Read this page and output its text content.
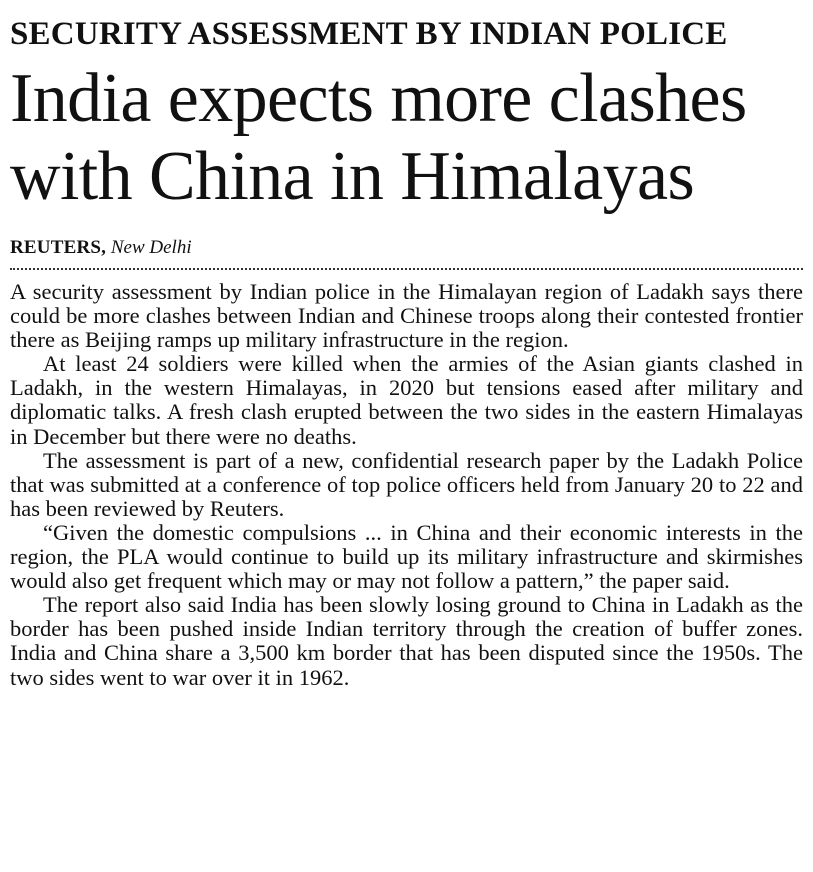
SECURITY ASSESSMENT BY INDIAN POLICE
India expects more clashes
with China in Himalayas
REUTERS, New Delhi

A security assessment by Indian police in the Himalayan region of Ladakh says there could be more clashes between Indian and Chinese troops along their contested frontier there as Beijing ramps up military infrastructure in the region.

At least 24 soldiers were killed when the armies of the Asian giants clashed in Ladakh, in the western Himalayas, in 2020 but tensions eased after military and diplomatic talks. A fresh clash erupted between the two sides in the eastern Himalayas in December but there were no deaths.

The assessment is part of a new, confidential research paper by the Ladakh Police that was submitted at a conference of top police officers held from January 20 to 22 and has been reviewed by Reuters.

“Given the domestic compulsions ... in China and their economic interests in the region, the PLA would continue to build up its military infrastructure and skirmishes would also get frequent which may or may not follow a pattern,” the paper said.

The report also said India has been slowly losing ground to China in Ladakh as the border has been pushed inside Indian territory through the creation of buffer zones. India and China share a 3,500 km border that has been disputed since the 1950s. The two sides went to war over it in 1962.
